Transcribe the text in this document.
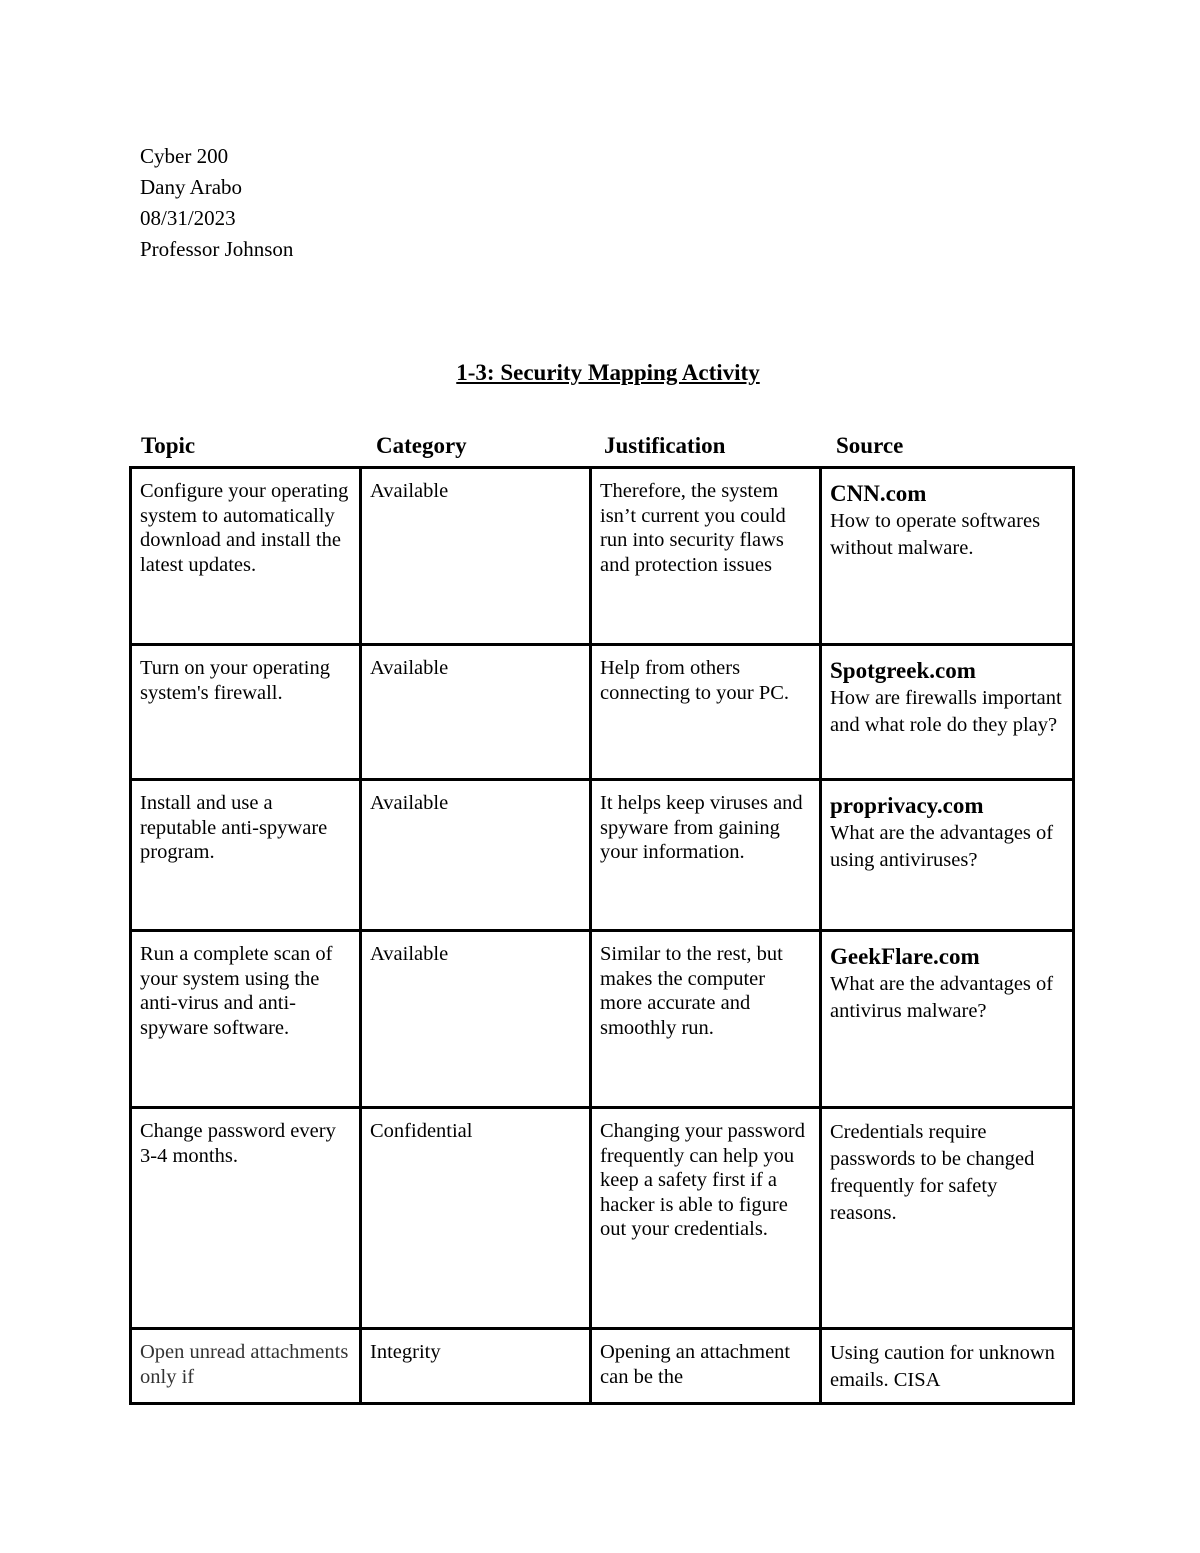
Cyber 200
Dany Arabo
08/31/2023
Professor Johnson
1-3: Security Mapping Activity
Topic	Category	Justification	Source
Configure your operating system to automatically download and install the latest updates.	Available	Therefore, the system isn’t current you could run into security flaws and protection issues	CNN.com
How to operate softwares without malware.

Turn on your operating system's firewall.	Available	Help from others connecting to your PC.	Spotgreek.com
How are firewalls important and what role do they play?

Install and use a reputable anti-spyware program.	Available	It helps keep viruses and spyware from gaining your information.	proprivacy.com
What are the advantages of using antiviruses?

Run a complete scan of your system using the anti-virus and anti-spyware software.	Available	Similar to the rest, but makes the computer more accurate and smoothly run.	GeekFlare.com
What are the advantages of antivirus malware?

Change password every 3-4 months.	Confidential	Changing your password frequently can help you keep a safety first if a hacker is able to figure out your credentials.	Credentials require passwords to be changed frequently for safety reasons.

Open unread attachments only if	Integrity	Opening an attachment can be the	Using caution for unknown emails. CISA
